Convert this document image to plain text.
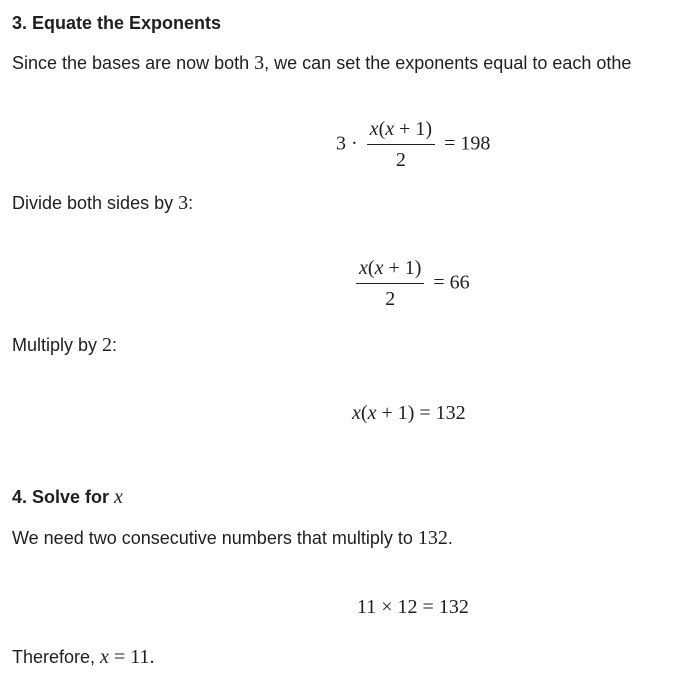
3. Equate the Exponents
Since the bases are now both 3, we can set the exponents equal to each othe
$3 \cdot \frac{x(x + 1)}{2} = 198$
Divide both sides by 3:
$\frac{x(x + 1)}{2} = 66$
Multiply by 2:
x(x + 1) = 132
4. Solve for x
We need two consecutive numbers that multiply to 132.
11 × 12 = 132
Therefore, x = 11.
